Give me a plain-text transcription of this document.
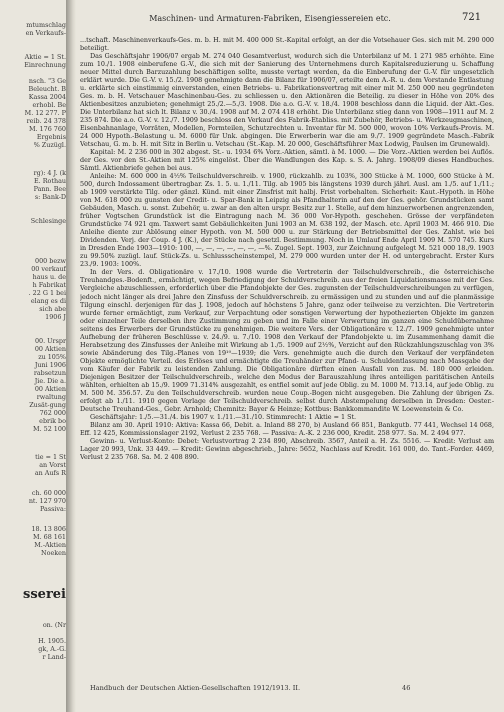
mtumschlag
en Verkaufs-
Aktie = 1 St.
Einrechnung
nsch. "3 Ge
Beleucht. B
Kassa 2004
erhobl. Be
M. 12 277. P
reib. 24 378
M. 176 760
Ergebnis
% Zuzügl.
rg): 4 J. (k
E. Rothau
Pann. Bee
s: Bank-D
Schlesinge
000 bezw
00 verkauf
haus u. de
h Fabrikat
. 22 G 1 bei
elang es di
sich abe
1906 J
00. Urspr
00 Aktien
zu 105%
Juni 1906
rabsetzun
Jie. Die a.
00 Aktien
rwaltung
Zusät-gung
762 000
ebrik bo
M. 52 100
tie = 1 St
an Vorst
an Aufs R
ch. 60 000
nt. 127 970
Passiva:
18. 13 806
M. 68 161
M.-Aktien
Noeken
sserei
on. (Nr
H. 1905.
gk, A.-G.
r Land-
Maschinen- und Armaturen-Fabriken, Eisengiessereien etc.	721

...tschaft. Maschinenverkaufs-Ges. m. b. H. mit M. 400 000 St.-Kapital erfolgt, an der die Votsehauer Ges. sich mit M. 290 000 beteiligt.

Das Geschäftsjahr 1906/07 ergab M. 274 040 Gesamtverlust, wodurch sich die Unterbilanz uf M. 1 271 985 erhöhte. Eine zum 10./1. 1908 einberufene G.-V., die sich mit der Sanierung des Unternehmens durch Kapitalsreduzierung u. Schaffung neuer Mittel durch Barzuzahlung beschäftigen sollte, musste vertagt werden, da die Einberufung der G.-V. für ungesetzlich erklärt wurde. Die G.-V. v. 15./2. 1908 genehmigte dann die Bilanz für 1906/07, erteilte dem A.-R. u. dem Vorstande Entlastung u. erklärte sich einstimmig einverstanden, einen Betriebs- u. Fabrikationsvertrag mit einer mit M. 250 000 neu gegründeten Ges. m. b. H. Vetschauer Maschinenbau-Ges. zu schliessen u. den Aktionären die Beteilig. zu dieser in Höhe von 20% des Aktienbesitzes anzubieten; genehmigt 25./2.—5./3. 1908. Die a.o. G.-V. v. 18./4. 1908 beschloss dann die Liquid. der Akt.-Ges. Die Unterbilanz hat sich lt. Bilanz v. 30./4. 1908 auf M. 2 074 418 erhöht. Die Unterbilanz stieg dann von 1908—1911 auf M. 2 235 874. Die a.o. G.-V. v. 12./7. 1909 beschloss den Verkauf des Fabrik-Etabliss. mit Zubehör, Betriebs- u. Werkzeugmaschinen, Eisenbahnanlage, Vorräten, Modellen, Formteilen, Schutzrechten u. Inventar für M. 500 000, wovon 10% Verkaufs-Provis. M. 24 000 Hypoth.-Belastung u. M. 6000 für Unk. abgingen. Die Erwerberin war die am 9./7. 1909 gegründete Masch.-Fabrik Vetschau, G. m. b. H. mit Sitz in Berlin u. Vetschau (St.-Kap. M. 20 000, Geschäftsführer Max Lodwig, Paulsen im Grunewald).

Kapital: M. 2 236 000 in 302 abgest. St.- u. 1934 6% Vorz.-Aktien, sämtl. à M. 1000. — Die Vorz.-Aktien werden bei Auflös. der Ges. vor den St.-Aktien mit 125% eingelöst. Über die Wandlungen des Kap. s. S. A. Jahrg. 1908/09 dieses Handbuches. Sämtl. Aktienbriefe gehen bei aus.

Anleihe: M. 600 000 in 4½% Teilschuldverschreib. v. 1900, rückzahlb. zu 103%, 300 Stücke à M. 1000, 600 Stücke à M. 500, durch Indossament übertragbar. Zs. 1. 5. u. 1./11. Tilg. ab 1905 bis längstens 1939 durch jährl. Ausl. am 1./5. auf 1./11.; ab 1909 verstärkte Tilg. oder gänzl. Künd. mit einer Zinsfrist mit halbj. Frist vorbehalten. Sicherheit: Kaut.-Hypoth. in Höhe von M. 618 000 zu gunsten der Credit- u. Spar-Bank in Leipzig als Pfandhalterin auf den der Ges. gehör. Grundstücken samt Gebäuden, Masch. u. sonst. Zubehör, u. zwar an den alten urspr. Besitz zur 1. Stelle, auf dem hinzuerworbenen angrenzenden, früher Vogtschen Grundstück ist die Eintragung nach M. 36 000 Vor-Hypoth. geschehen. Grösse der verpfändeten Grundstücke 74 921 qm. Taxwert samt Gebäulichkeiten Juni 1903 an M. 638 192, der Masch. etc. April 1903 M. 466 910. Die Anleihe diente zur Ablösung einer Hypoth. von M. 500 000 u. zur Stärkung der Betriebsmittel der Ges. Zahlst. wie bei Dividenden. Verj. der Coup. 4 J. (K.), der Stücke nach gesetzl. Bestimmung. Noch in Umlauf Ende April 1909 M. 570 745. Kurs in Dresden Ende 1903—1910: 100, —, —, —, —, —, —, —%. Zugel. Sept. 1903, zur Zeichnung aufgelegt M. 521 000 18./9. 1903 zu 99.50% zuzügl. lauf. Stück-Zs. u. Schlussscheinstempel, M. 279 000 wurden unter der H. od untergebracht. Erster Kurs 23./9. 1903: 100%.

In der Vers. d. Obligationäre v. 17./10. 1908 wurde die Vertreterin der Teilschuldverschreib., die österreichische Treuhandges.-Bodenft., ermächtigt, wegen Befriedigung der Schuldverschreib. aus der freien Liquidationsmasse mit der Ges. Vergleiche abzuschliessen, erforderlich über die Pfandobjekte der Ges. zugunsten der Teilschuldverschreibungen zu verfügen, jedoch nicht länger als drei Jahre den Zinsfuss der Schuldverschreib. zu ermässigen und zu stunden und auf die planmässige Tilgung einschl. derjenigen für das J. 1908, jedoch auf höchstens 5 Jahre, ganz oder teilweise zu verzichten. Die Vertreterin wurde ferner ermächtigt, zum Verkauf, zur Verpachtung oder sonstigen Verwertung der hypothezierten Objekte im ganzen oder einzelner Teile derselben ihre Zustimmung zu geben und im Falle einer Verwertung im ganzen eine Schuldübernahme seitens des Erwerbers der Grundstücke zu genehmigen. Die weitere Vers. der Obligationäre v. 12./7. 1909 genehmigte unter Aufhebung der früheren Beschlüsse v. 24./9. u. 7./10. 1908 den Verkauf der Pfandobjekte u. im Zusammenhang damit die Herabsetzung des Zinsfusses der Anleihe mit Wirkung ab 1./5. 1909 auf 2½%, Verzicht auf den Rückzahlungszuschlag von 3% sowie Abänderung des Tilg.-Planes von 19¹⁰—1939; die Vers. genehmigte auch die durch den Verkauf der verpfändeten Objekte ermöglichte Verteil. des Erlöses und ermächtigte die Treuhänder zur Pfand- u. Schuldentlassung nach Massgabe der vom Käufer der Fabrik zu leistenden Zahlung. Die Obligationäre dürften einen Ausfall von zus. M. 180 000 erleiden. Diejenigen Besitzer der Teilschuldverschreib., welche den Modus der Barauszahlung ihres anteiligen paritätischen Anteils wählten, erhielten ab 15./9. 1909 71.314% ausgezahlt, es entfiel somit auf jede Oblig. zu M. 1000 M. 713.14, auf jede Oblig. zu M. 500 M. 356.57. Zu den Teilschuldverschreib. wurden neue Coup.-Bogen nicht ausgegeben. Die Zahlung der übrigen Zs. erfolgt ab 1./11. 1910 gegen Vorlage der Teilschuldverschreib. selbst durch Abstempelung derselben in Dresden: Oester.-Deutsche Treuhand-Ges., Gebr. Arnhold; Chemnitz: Bayer & Heinze; Kottbus: Bankkommandite W. Loewenstein & Co.

Geschäftsjahr: 1./5.—31./4. bis 1907 v. 1./11.—31./10. Stimmrecht: 1 Aktie = 1 St.

Bilanz am 30. April 1910: Aktiva: Kassa 66, Debit. a. Inland 88 270, b) Ausland 66 851, Bankgutb. 77 441, Wechsel 14 068, Eff. 12 425, Kommissionslager 2192, Verlust 2 235 768. — Passiva: A.-K. 2 236 000, Kredit. 258 977. Sa. M. 2 494 977.

Gewinn- u. Verlust-Konto: Debet: Verlustvortrag 2 234 890, Abschreib. 3567, Anteil a. H. Zs. 5516. — Kredit: Verlust am Lager 20 993, Unk. 33 449. — Kredit: Gewinn abgeschrieb., Jahre: 5652, Nachlass auf Kredit. 161 000, do. Tant.-Forder. 4469, Verlust 2 235 768. Sa. M. 2 408 890.

Handbuch der Deutschen Aktien-Gesellschaften 1912/1913. II.	46
